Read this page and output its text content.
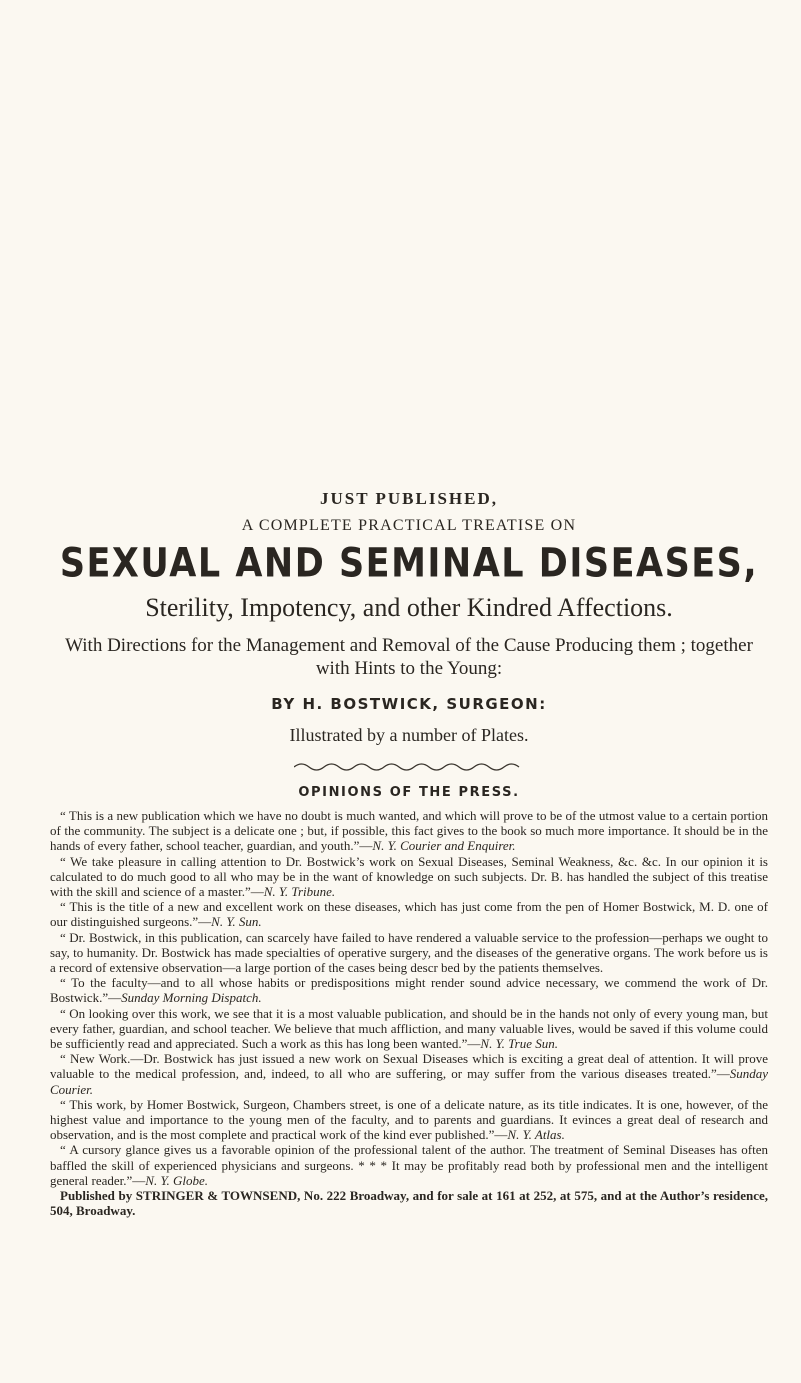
JUST PUBLISHED,

A COMPLETE PRACTICAL TREATISE ON

SEXUAL AND SEMINAL DISEASES,

Sterility, Impotency, and other Kindred Affections.

With Directions for the Management and Removal of the Cause Producing them ; together with Hints to the Young:

BY H. BOSTWICK, SURGEON:

Illustrated by a number of Plates.

OPINIONS OF THE PRESS.

“ This is a new publication which we have no doubt is much wanted, and which will prove to be of the utmost value to a certain portion of the community. The subject is a delicate one ; but, if possible, this fact gives to the book so much more importance. It should be in the hands of every father, school teacher, guardian, and youth.”—N. Y. Courier and Enquirer.

“ We take pleasure in calling attention to Dr. Bostwick’s work on Sexual Diseases, Seminal Weakness, &c. &c. In our opinion it is calculated to do much good to all who may be in the want of knowledge on such subjects. Dr. B. has handled the subject of this treatise with the skill and science of a master.”—N. Y. Tribune.

“ This is the title of a new and excellent work on these diseases, which has just come from the pen of Homer Bostwick, M. D. one of our distinguished surgeons.”—N. Y. Sun.

“ Dr. Bostwick, in this publication, can scarcely have failed to have rendered a valuable service to the profession—perhaps we ought to say, to humanity. Dr. Bostwick has made specialties of operative surgery, and the diseases of the generative organs. The work before us is a record of extensive observation—a large portion of the cases being descr bed by the patients themselves.

“ To the faculty—and to all whose habits or predispositions might render sound advice necessary, we commend the work of Dr. Bostwick.”—Sunday Morning Dispatch.

“ On looking over this work, we see that it is a most valuable publication, and should be in the hands not only of every young man, but every father, guardian, and school teacher. We believe that much affliction, and many valuable lives, would be saved if this volume could be sufficiently read and appreciated. Such a work as this has long been wanted.”—N. Y. True Sun.

“ New Work.—Dr. Bostwick has just issued a new work on Sexual Diseases which is exciting a great deal of attention. It will prove valuable to the medical profession, and, indeed, to all who are suffering, or may suffer from the various diseases treated.”—Sunday Courier.

“ This work, by Homer Bostwick, Surgeon, Chambers street, is one of a delicate nature, as its title indicates. It is one, however, of the highest value and importance to the young men of the faculty, and to parents and guardians. It evinces a great deal of research and observation, and is the most complete and practical work of the kind ever published.”—N. Y. Atlas.

“ A cursory glance gives us a favorable opinion of the professional talent of the author. The treatment of Seminal Diseases has often baffled the skill of experienced physicians and surgeons. * * * It may be profitably read both by professional men and the intelligent general reader.”—N. Y. Globe.

Published by STRINGER & TOWNSEND, No. 222 Broadway, and for sale at 161 at 252, at 575, and at the Author’s residence, 504, Broadway.
